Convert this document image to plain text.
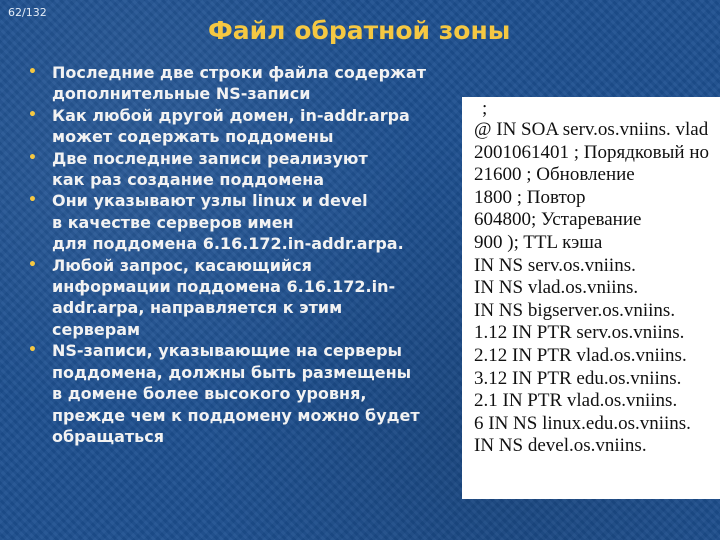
62/132
Файл обратной зоны
• Последние две строки файла содержат
дополнительные NS-записи
• Как любой другой домен, in-addr.arpa
может содержать поддомены
• Две последние записи реализуют
как раз создание поддомена
• Они указывают узлы linux и devel
в качестве серверов имен
для поддомена 6.16.172.in-addr.arpa.
• Любой запрос, касающийся
информации поддомена 6.16.172.in-
addr.arpa, направляется к этим
серверам
• NS-записи, указывающие на серверы
поддомена, должны быть размещены
в домене более высокого уровня,
прежде чем к поддомену можно будет
обращаться
;
@ IN SOA serv.os.vniins. vlad
2001061401 ; Порядковый но
21600 ; Обновление
1800 ; Повтор
604800; Устаревание
900 ); TTL кэша
IN NS serv.os.vniins.
IN NS vlad.os.vniins.
IN NS bigserver.os.vniins.
1.12 IN PTR serv.os.vniins.
2.12 IN PTR vlad.os.vniins.
3.12 IN PTR edu.os.vniins.
2.1 IN PTR vlad.os.vniins.
6 IN NS linux.edu.os.vniins.
IN NS devel.os.vniins.
